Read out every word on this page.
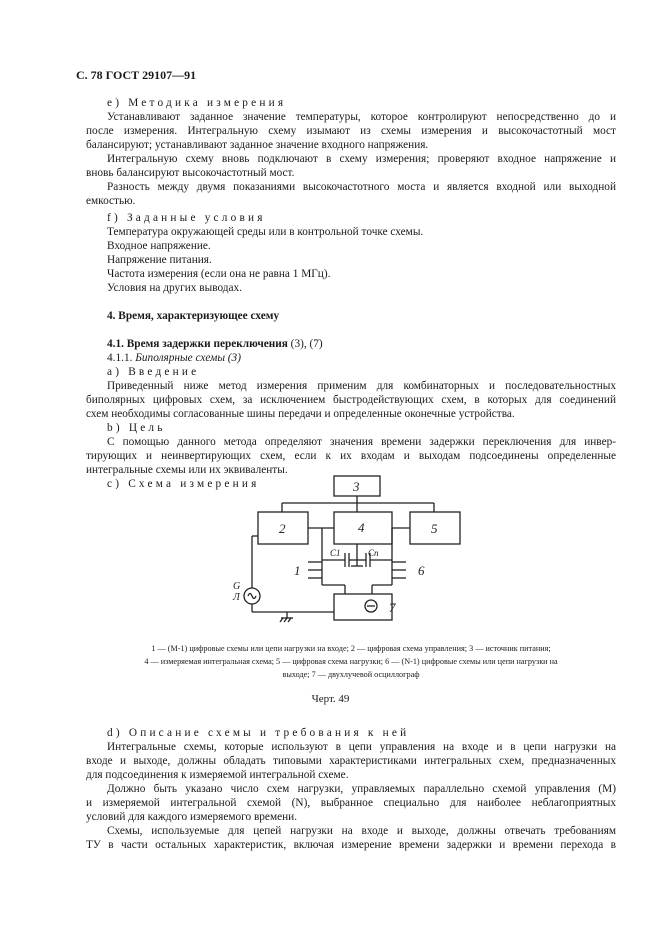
С. 78 ГОСТ 29107—91
e) Методика измерения
Устанавливают заданное значение температуры, которое контролируют непосредственно до и
после измерения. Интегральную схему изымают из схемы измерения и высокочастотный мост
балансируют; устанавливают заданное значение входного напряжения.
Интегральную схему вновь подключают в схему измерения; проверяют входное напряжение и
вновь балансируют высокочастотный мост.
Разность между двумя показаниями высокочастотного моста и является входной или выходной
емкостью.
f) Заданные условия
Температура окружающей среды или в контрольной точке схемы.
Входное напряжение.
Напряжение питания.
Частота измерения (если она не равна 1 МГц).
Условия на других выводах.
4. Время, характеризующее схему
4.1. Время задержки переключения (3), (7)
4.1.1. Биполярные схемы (3)
a) Введение
Приведенный ниже метод измерения применим для комбинаторных и последовательностных
биполярных цифровых схем, за исключением быстродействующих схем, в которых для соединений
схем необходимы согласованные шины передачи и определенные оконечные устройства.
b) Цель
С помощью данного метода определяют значения времени задержки переключения для инвер-
тирующих и неинвертирующих схем, если к их входам и выходам подсоединены определенные
интегральные схемы или их эквиваленты.
c) Схема измерения	3
2	4	5
7
1	6
C1	Cn
G
Л
1 — (M-1) цифровые схемы или цепи нагрузки на входе; 2 — цифровая схема управления; 3 — источник питания;
4 — измеряемая интегральная схема; 5 — цифровая схема нагрузки; 6 — (N-1) цифровые схемы или цепи нагрузки на
выходе; 7 — двухлучевой осциллограф
Черт. 49
d) Описание схемы и требования к ней
Интегральные схемы, которые используют в цепи управления на входе и в цепи нагрузки на
входе и выходе, должны обладать типовыми характеристиками интегральных схем, предназначенных
для подсоединения к измеряемой интегральной схеме.
Должно быть указано число схем нагрузки, управляемых параллельно схемой управления (M)
и измеряемой интегральной схемой (N), выбранное специально для наиболее неблагоприятных
условий для каждого измеряемого времени.
Схемы, используемые для цепей нагрузки на входе и выходе, должны отвечать требованиям
ТУ в части остальных характеристик, включая измерение времени задержки и времени перехода в
